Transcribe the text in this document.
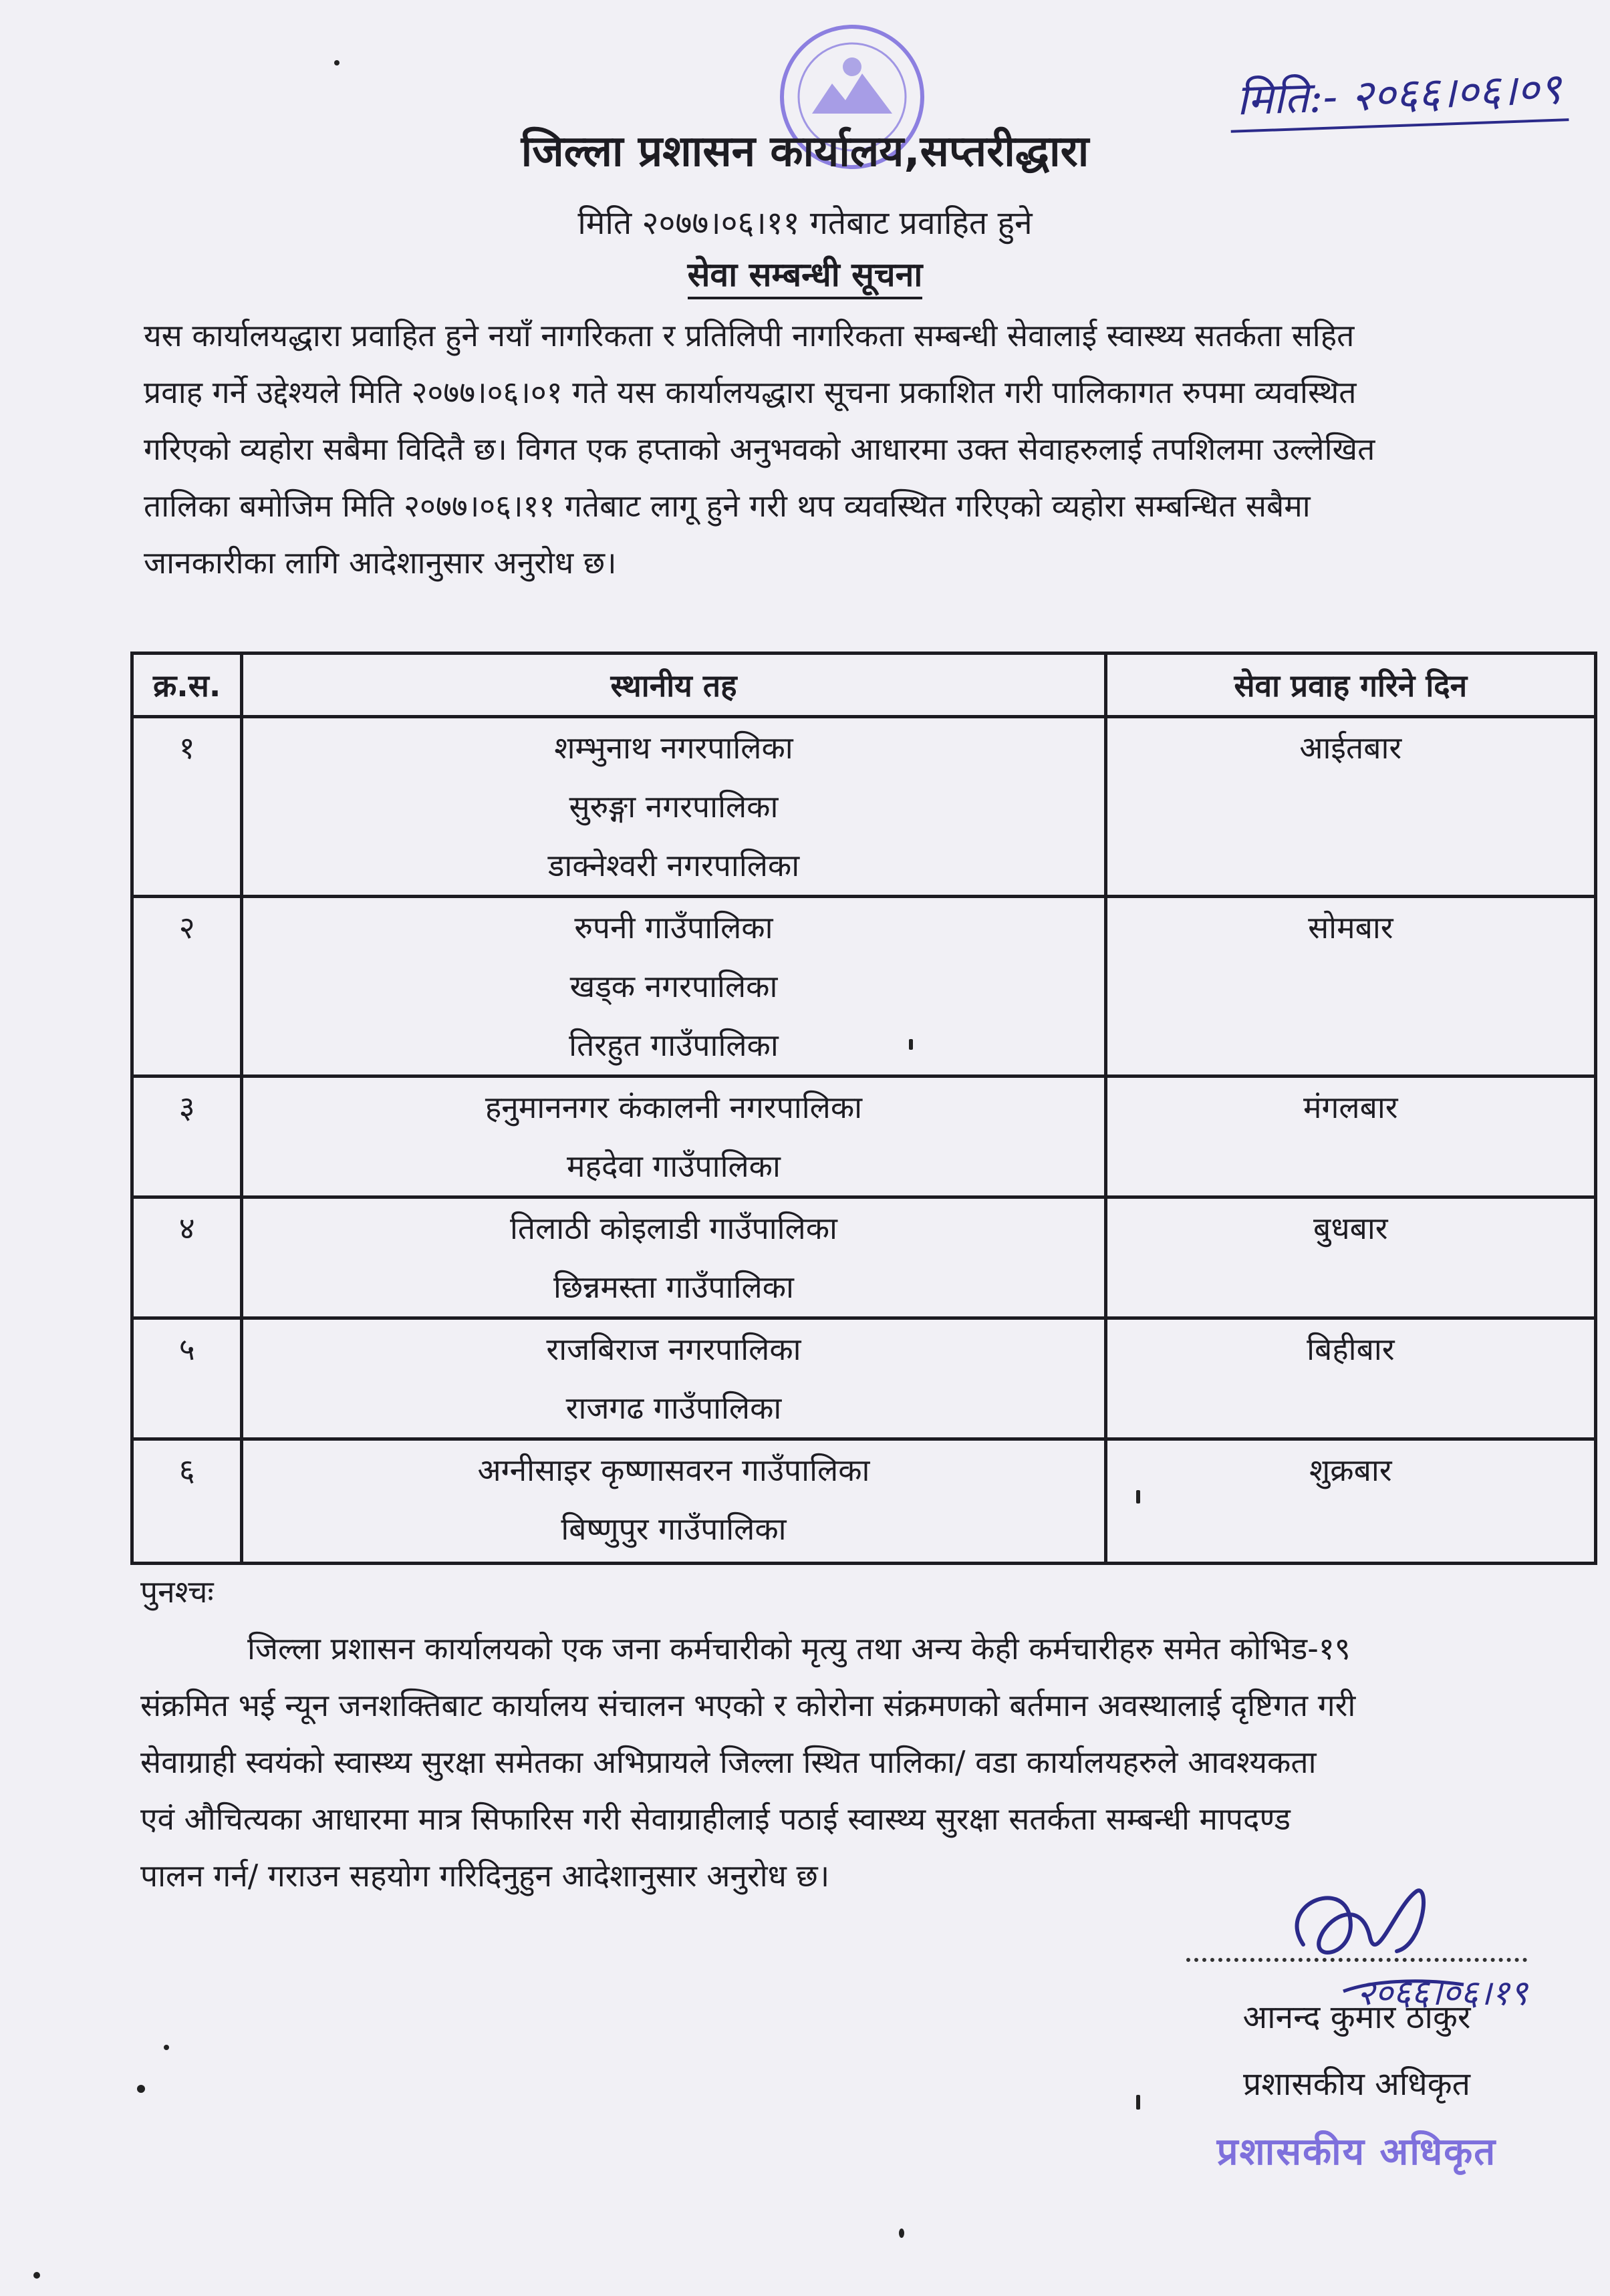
मिति:- २०६६।०६।०९
जिल्ला प्रशासन कार्यालय,सप्तरीद्धारा
मिति २०७७।०६।११ गतेबाट प्रवाहित हुने
सेवा सम्बन्धी सूचना
यस कार्यालयद्धारा प्रवाहित हुने नयाँ नागरिकता र प्रतिलिपी नागरिकता सम्बन्धी सेवालाई स्वास्थ्य सतर्कता सहित
प्रवाह गर्ने उद्देश्यले मिति २०७७।०६।०१ गते यस कार्यालयद्धारा सूचना प्रकाशित गरी पालिकागत रुपमा व्यवस्थित
गरिएको व्यहोरा सबैमा विदितै छ। विगत एक हप्ताको अनुभवको आधारमा उक्त सेवाहरुलाई तपशिलमा उल्लेखित
तालिका बमोजिम मिति २०७७।०६।११ गतेबाट लागू हुने गरी थप व्यवस्थित गरिएको व्यहोरा सम्बन्धित सबैमा
जानकारीका लागि आदेशानुसार अनुरोध छ।
क्र.स.	स्थानीय तह	सेवा प्रवाह गरिने दिन

१	शम्भुनाथ नगरपालिका
सुरुङ्गा नगरपालिका
डाक्नेश्वरी नगरपालिका	आईतबार

२	रुपनी गाउँपालिका
खड्क नगरपालिका
तिरहुत गाउँपालिका	सोमबार

३	हनुमाननगर कंकालनी नगरपालिका
महदेवा गाउँपालिका	मंगलबार

४	तिलाठी कोइलाडी गाउँपालिका
छिन्नमस्ता गाउँपालिका	बुधबार

५	राजबिराज नगरपालिका
राजगढ गाउँपालिका	बिहीबार

६	अग्नीसाइर कृष्णासवरन गाउँपालिका
बिष्णुपुर गाउँपालिका	शुक्रबार
पुनश्चः
जिल्ला प्रशासन कार्यालयको एक जना कर्मचारीको मृत्यु तथा अन्य केही कर्मचारीहरु समेत कोभिड-१९
संक्रमित भई न्यून जनशक्तिबाट कार्यालय संचालन भएको र कोरोना संक्रमणको बर्तमान अवस्थालाई दृष्टिगत गरी
सेवाग्राही स्वयंको स्वास्थ्य सुरक्षा समेतका अभिप्रायले जिल्ला स्थित पालिका/ वडा कार्यालयहरुले आवश्यकता
एवं औचित्यका आधारमा मात्र सिफारिस गरी सेवाग्राहीलाई पठाई स्वास्थ्य सुरक्षा सतर्कता सम्बन्धी मापदण्ड
पालन गर्न/ गराउन सहयोग गरिदिनुहुन आदेशानुसार अनुरोध छ।
२०६६।०६।१९
आनन्द कुमार ठाकुर
प्रशासकीय अधिकृत
प्रशासकीय अधिकृत
